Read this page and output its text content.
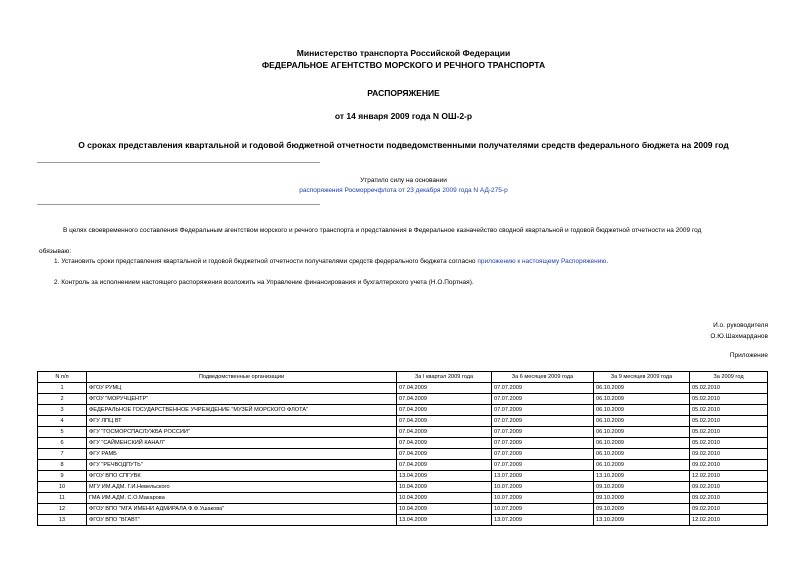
Министерство транспорта Российской Федерации
ФЕДЕРАЛЬНОЕ АГЕНТСТВО МОРСКОГО И РЕЧНОГО ТРАНСПОРТА
РАСПОРЯЖЕНИЕ
от 14 января 2009 года N ОШ-2-р
О сроках представления квартальной и годовой бюджетной отчетности подведомственными получателями средств федерального бюджета на 2009 год
Утратило силу на основании
распоряжения Росморречфлота от 23 декабря 2009 года N АД-275-р
В целях своевременного составления Федеральным агентством морского и речного транспорта и представления в Федеральное казначейство сводной квартальной и годовой бюджетной отчетности на 2009 год
обязываю:
1. Установить сроки представления квартальной и годовой бюджетной отчетности получателями средств федерального бюджета согласно приложению к настоящему Распоряжению.
2. Контроль за исполнением настоящего распоряжения возложить на Управление финансирования и бухгалтерского учета (Н.О.Портная).
И.о. руководителя
О.Ю.Шахмарданов
Приложение
N п/п	Подведомственные организации	За I квартал 2009 года	За 6 месяцев 2009 года	За 9 месяцев 2009 года	За 2009 год
1	ФГОУ РУМЦ	07.04.2009	07.07.2009	06.10.2009	05.02.2010
2	ФГОУ "МОРУЧЦЕНТР"	07.04.2009	07.07.2009	06.10.2009	05.02.2010
3	ФЕДЕРАЛЬНОЕ ГОСУДАРСТВЕННОЕ УЧРЕЖДЕНИЕ "МУЗЕЙ МОРСКОГО ФЛОТА"	07.04.2009	07.07.2009	06.10.2009	05.02.2010
4	ФГУ ЛПЦ ВТ	07.04.2009	07.07.2009	06.10.2009	05.02.2010
5	ФГУ "ГОСМОРСПАСЛУЖБА РОССИИ"	07.04.2009	07.07.2009	06.10.2009	05.02.2010
6	ФГУ "САЙМЕНСКИЙ КАНАЛ"	07.04.2009	07.07.2009	06.10.2009	05.02.2010
7	ФГУ РАМБ	07.04.2009	07.07.2009	06.10.2009	09.02.2010
8	ФГУ "РЕЧВОДПУТЬ"	07.04.2009	07.07.2009	06.10.2009	09.02.2010
9	ФГОУ ВПО СПГУВК	13.04.2009	13.07.2009	13.10.2009	12.02.2010
10	МГУ ИМ.АДМ. Г.И.Невельского	10.04.2009	10.07.2009	09.10.2009	09.02.2010
11	ГМА ИМ.АДМ. С.О.Макарова	10.04.2009	10.07.2009	09.10.2009	09.02.2010
12	ФГОУ ВПО "МГА ИМЕНИ АДМИРАЛА Ф.Ф.Ушакова"	10.04.2009	10.07.2009	09.10.2009	09.02.2010
13	ФГОУ ВПО "ВГАВТ"	13.04.2009	13.07.2009	13.10.2009	12.02.2010
